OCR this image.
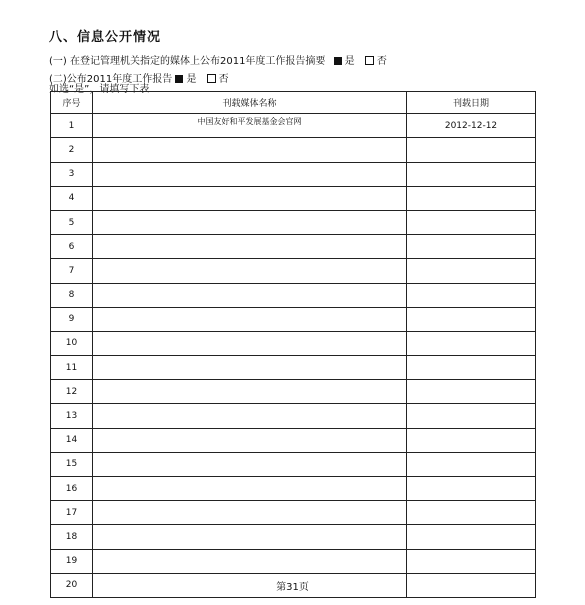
八、信息公开情况
(一) 在登记管理机关指定的媒体上公布2011年度工作报告摘要 是 否
(二)公布2011年度工作报告 是 否
如选“是”，请填写下表
序号	刊载媒体名称	刊载日期
1	中国友好和平发展基金会官网	2012-12-12
2		
3		
4		
5		
6		
7		
8		
9		
10		
11		
12		
13		
14		
15		
16		
17		
18		
19		
20			第31页
